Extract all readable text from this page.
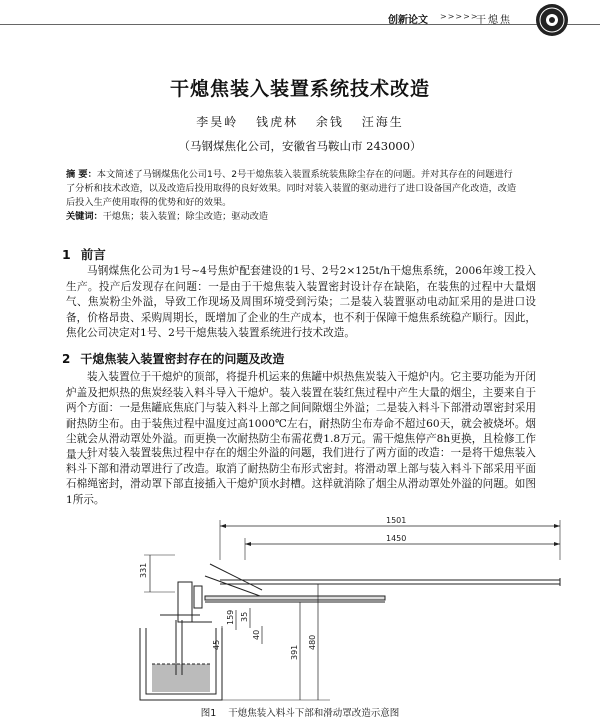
创新论文 >>>>>
干熄焦
干熄焦装入装置系统技术改造
李昊岭 钱虎林 余钱 汪海生
（马钢煤焦化公司，安徽省马鞍山市 243000）
摘 要：本文简述了马钢煤焦化公司1号、2号干熄焦装入装置系统装焦除尘存在的问题。并对其存在的问题进行了分析和技术改造，以及改造后投用取得的良好效果。同时对装入装置的驱动进行了进口设备国产化改造，改造后投入生产使用取得的优势和好的效果。
关键词：干熄焦；装入装置；除尘改造；驱动改造
1 前言
马钢煤焦化公司为1号~4号焦炉配套建设的1号、2号2×125t/h干熄焦系统，2006年竣工投入生产。投产后发现存在问题：一是由于干熄焦装入装置密封设计存在缺陷，在装焦的过程中大量烟气、焦炭粉尘外溢，导致工作现场及周围环境受到污染；二是装入装置驱动电动缸采用的是进口设备，价格昂贵、采购周期长，既增加了企业的生产成本，也不利于保障干熄焦系统稳产顺行。因此，焦化公司决定对1号、2号干熄焦装入装置系统进行技术改造。
2 干熄焦装入装置密封存在的问题及改造
装入装置位于干熄炉的顶部，将提升机运来的焦罐中炽热焦炭装入干熄炉内。它主要功能为开闭炉盖及把炽热的焦炭经装入料斗导入干熄炉。装入装置在装红焦过程中产生大量的烟尘，主要来自于两个方面：一是焦罐底焦底门与装入料斗上部之间间隙烟尘外溢；二是装入料斗下部滑动罩密封采用耐热防尘布。由于装焦过程中温度过高1000℃左右，耐热防尘布寿命不超过60天，就会被烧坏。烟尘就会从滑动罩处外溢。而更换一次耐热防尘布需花费1.8万元。需干熄焦停产8h更换，且检修工作量大。
针对装入装置装焦过程中存在的烟尘外溢的问题，我们进行了两方面的改造：一是将干熄焦装入料斗下部和滑动罩进行了改造。取消了耐热防尘布形式密封。将滑动罩上部与装入料斗下部采用平面石棉绳密封，滑动罩下部直接插入干熄炉顶水封槽。这样就消除了烟尘从滑动罩处外溢的问题。如图1所示。
1501
1450
331
45
159 35
40
391
480
图1 干熄焦装入料斗下部和滑动罩改造示意图
